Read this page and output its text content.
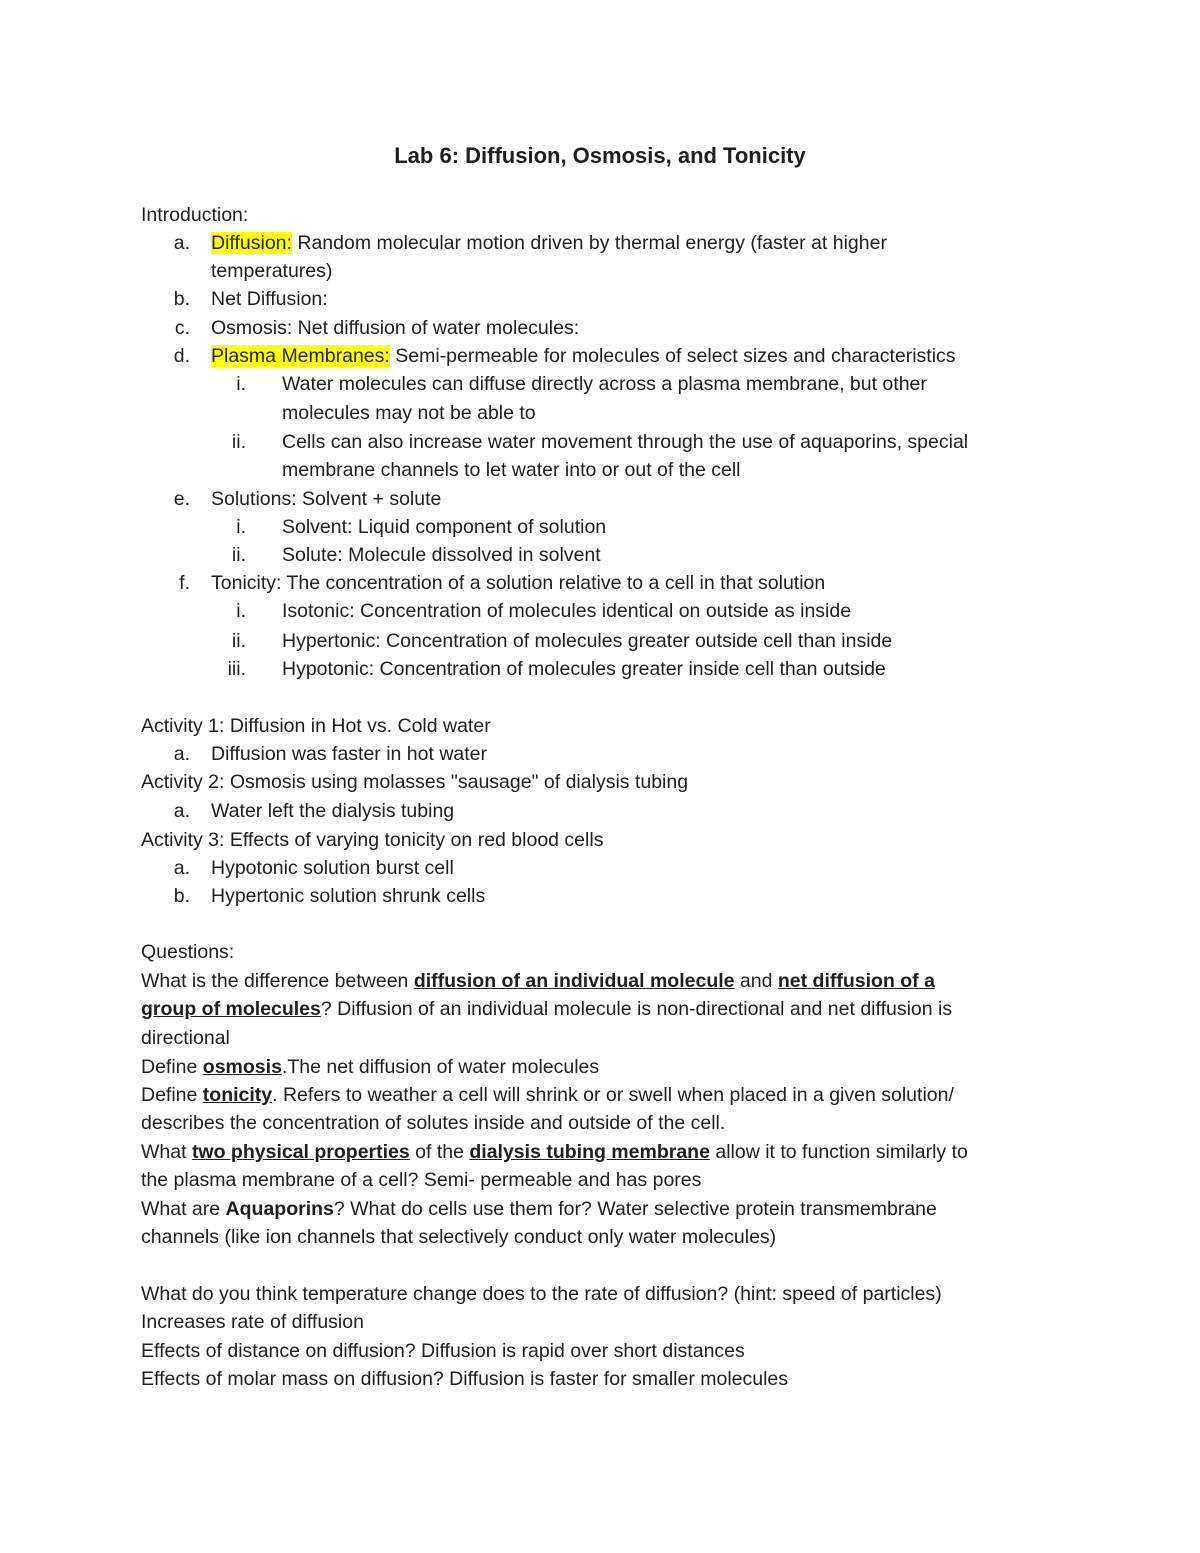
Lab 6: Diffusion, Osmosis, and Tonicity
Introduction:
a. Diffusion: Random molecular motion driven by thermal energy (faster at higher
temperatures)
b. Net Diffusion:
c. Osmosis: Net diffusion of water molecules:
d. Plasma Membranes: Semi-permeable for molecules of select sizes and characteristics
i. Water molecules can diffuse directly across a plasma membrane, but other
molecules may not be able to
ii. Cells can also increase water movement through the use of aquaporins, special
membrane channels to let water into or out of the cell
e. Solutions: Solvent + solute
i. Solvent: Liquid component of solution
ii. Solute: Molecule dissolved in solvent
f. Tonicity: The concentration of a solution relative to a cell in that solution
i. Isotonic: Concentration of molecules identical on outside as inside
ii. Hypertonic: Concentration of molecules greater outside cell than inside
iii. Hypotonic: Concentration of molecules greater inside cell than outside
Activity 1: Diffusion in Hot vs. Cold water
a. Diffusion was faster in hot water
Activity 2: Osmosis using molasses "sausage" of dialysis tubing
a. Water left the dialysis tubing
Activity 3: Effects of varying tonicity on red blood cells
a. Hypotonic solution burst cell
b. Hypertonic solution shrunk cells
Questions:
What is the difference between diffusion of an individual molecule and net diffusion of a
group of molecules? Diffusion of an individual molecule is non-directional and net diffusion is
directional
Define osmosis.The net diffusion of water molecules
Define tonicity. Refers to weather a cell will shrink or or swell when placed in a given solution/
describes the concentration of solutes inside and outside of the cell.
What two physical properties of the dialysis tubing membrane allow it to function similarly to
the plasma membrane of a cell? Semi- permeable and has pores
What are Aquaporins? What do cells use them for? Water selective protein transmembrane
channels (like ion channels that selectively conduct only water molecules)
What do you think temperature change does to the rate of diffusion? (hint: speed of particles)
Increases rate of diffusion
Effects of distance on diffusion? Diffusion is rapid over short distances
Effects of molar mass on diffusion? Diffusion is faster for smaller molecules
